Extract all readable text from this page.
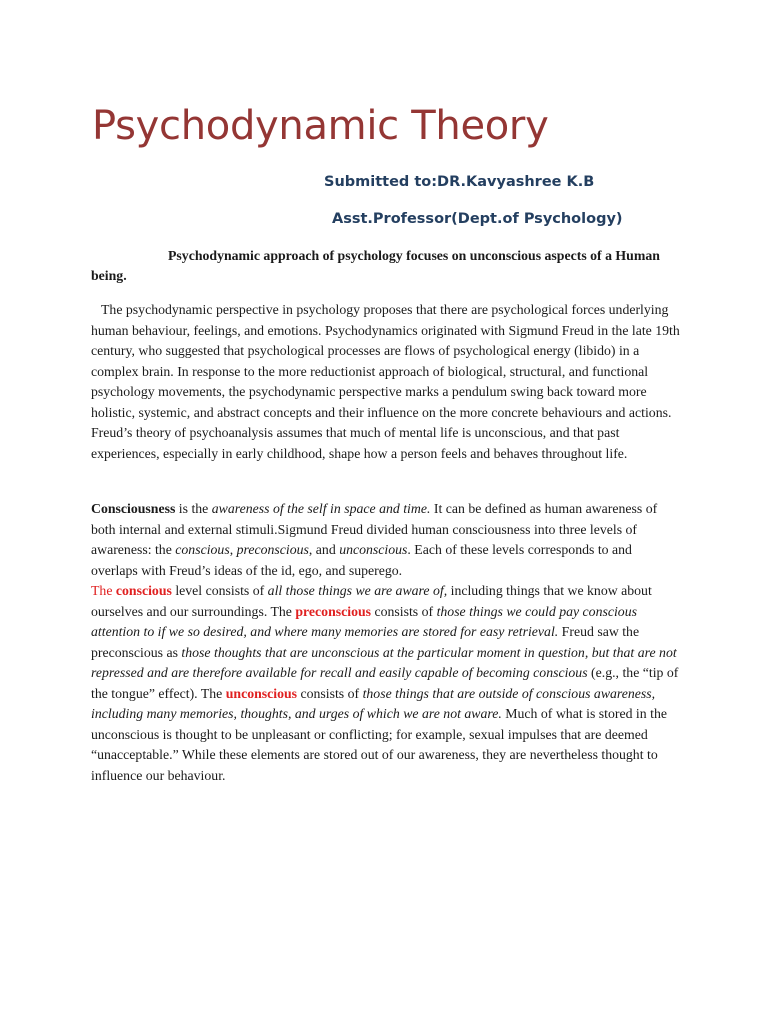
Psychodynamic Theory
Submitted to:DR.Kavyashree K.B
Asst.Professor(Dept.of Psychology)

Psychodynamic approach of psychology focuses on unconscious aspects of a Human being.

The psychodynamic perspective in psychology proposes that there are psychological forces underlying human behaviour, feelings, and emotions. Psychodynamics originated with Sigmund Freud in the late 19th century, who suggested that psychological processes are flows of psychological energy (libido) in a complex brain. In response to the more reductionist approach of biological, structural, and functional psychology movements, the psychodynamic perspective marks a pendulum swing back toward more holistic, systemic, and abstract concepts and their influence on the more concrete behaviours and actions. Freud’s theory of psychoanalysis assumes that much of mental life is unconscious, and that past experiences, especially in early childhood, shape how a person feels and behaves throughout life.

Consciousness is the awareness of the self in space and time. It can be defined as human awareness of both internal and external stimuli.Sigmund Freud divided human consciousness into three levels of awareness: the conscious, preconscious, and unconscious. Each of these levels corresponds to and overlaps with Freud’s ideas of the id, ego, and superego.
The conscious level consists of all those things we are aware of, including things that we know about ourselves and our surroundings. The preconscious consists of those things we could pay conscious attention to if we so desired, and where many memories are stored for easy retrieval. Freud saw the preconscious as those thoughts that are unconscious at the particular moment in question, but that are not repressed and are therefore available for recall and easily capable of becoming conscious (e.g., the “tip of the tongue” effect). The unconscious consists of those things that are outside of conscious awareness, including many memories, thoughts, and urges of which we are not aware. Much of what is stored in the unconscious is thought to be unpleasant or conflicting; for example, sexual impulses that are deemed “unacceptable.” While these elements are stored out of our awareness, they are nevertheless thought to influence our behaviour.
